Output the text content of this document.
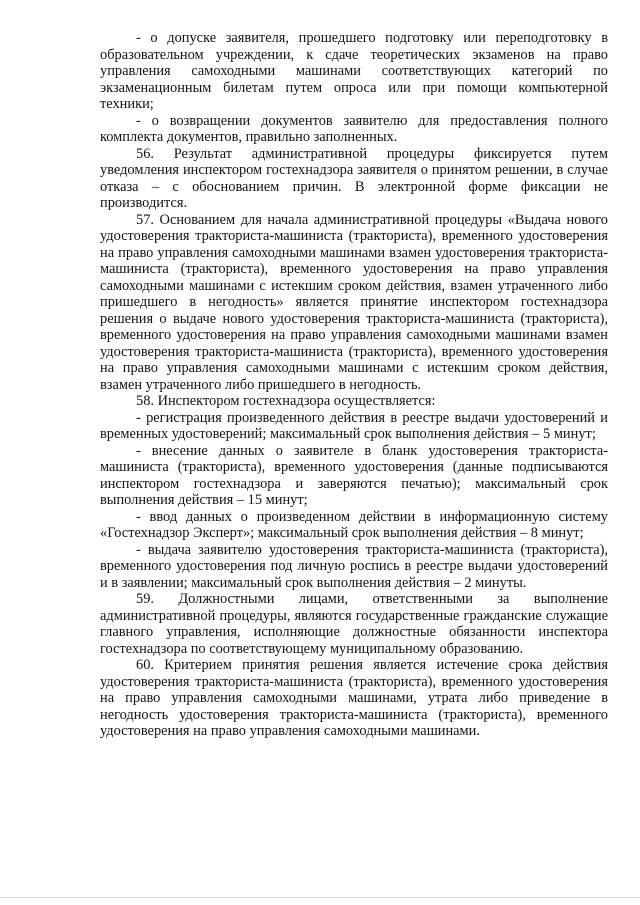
- о допуске заявителя, прошедшего подготовку или переподготовку в образовательном учреждении, к сдаче теоретических экзаменов на право управления самоходными машинами соответствующих категорий по экзаменационным билетам путем опроса или при помощи компьютерной техники;

- о возвращении документов заявителю для предоставления полного комплекта документов, правильно заполненных.

56. Результат административной процедуры фиксируется путем уведомления инспектором гостехнадзора заявителя о принятом решении, в случае отказа – с обоснованием причин. В электронной форме фиксации не производится.

57. Основанием для начала административной процедуры «Выдача нового удостоверения тракториста-машиниста (тракториста), временного удостоверения на право управления самоходными машинами взамен удостоверения тракториста-машиниста (тракториста), временного удостоверения на право управления самоходными машинами с истекшим сроком действия, взамен утраченного либо пришедшего в негодность» является принятие инспектором гостехнадзора решения о выдаче нового удостоверения тракториста-машиниста (тракториста), временного удостоверения на право управления самоходными машинами взамен удостоверения тракториста-машиниста (тракториста), временного удостоверения на право управления самоходными машинами с истекшим сроком действия, взамен утраченного либо пришедшего в негодность.

58. Инспектором гостехнадзора осуществляется:

- регистрация произведенного действия в реестре выдачи удостоверений и временных удостоверений; максимальный срок выполнения действия – 5 минут;

- внесение данных о заявителе в бланк удостоверения тракториста-машиниста (тракториста), временного удостоверения (данные подписываются инспектором гостехнадзора и заверяются печатью); максимальный срок выполнения действия – 15 минут;

- ввод данных о произведенном действии в информационную систему «Гостехнадзор Эксперт»; максимальный срок выполнения действия – 8 минут;

- выдача заявителю удостоверения тракториста-машиниста (тракториста), временного удостоверения под личную роспись в реестре выдачи удостоверений и в заявлении; максимальный срок выполнения действия – 2 минуты.

59. Должностными лицами, ответственными за выполнение административной процедуры, являются государственные гражданские служащие главного управления, исполняющие должностные обязанности инспектора гостехнадзора по соответствующему муниципальному образованию.

60. Критерием принятия решения является истечение срока действия удостоверения тракториста-машиниста (тракториста), временного удостоверения на право управления самоходными машинами, утрата либо приведение в негодность удостоверения тракториста-машиниста (тракториста), временного удостоверения на право управления самоходными машинами.
